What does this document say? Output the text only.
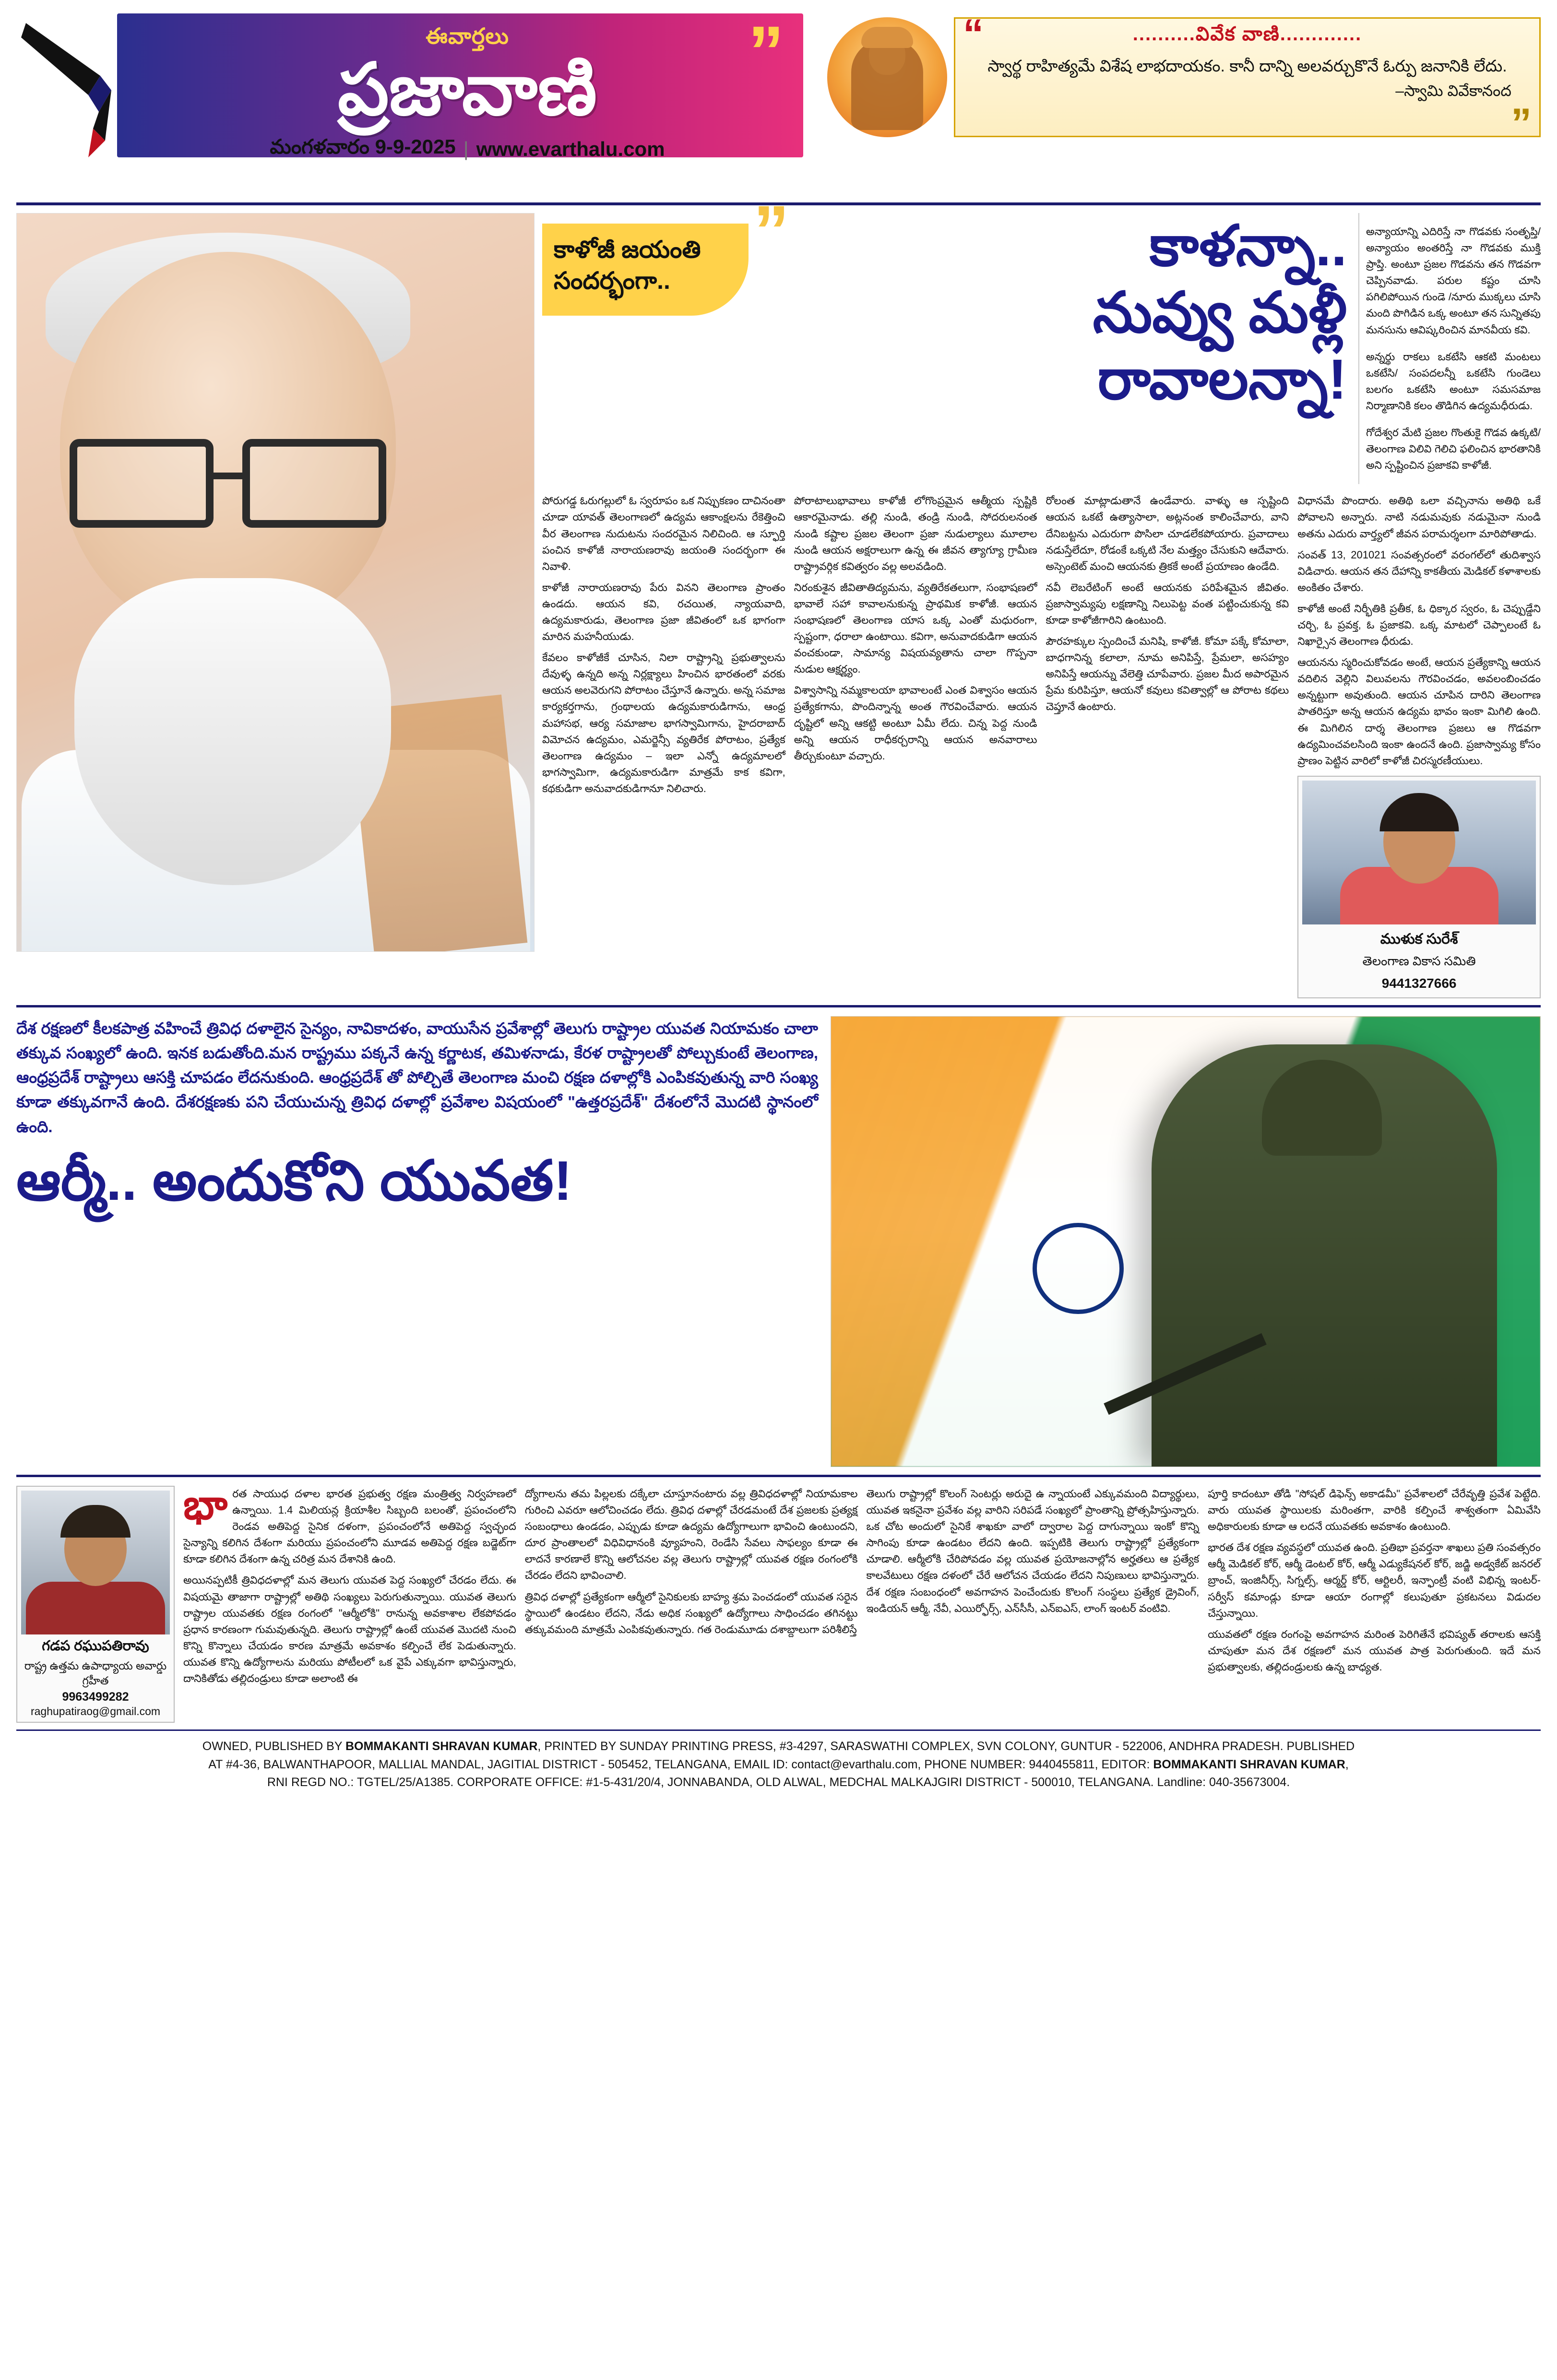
ఈవార్తలు
ప్రజావాణి	”
మంగళవారం 9-9-2025 | www.evarthalu.com
“
”
..........వివేక వాణి.............
స్వార్థ రాహిత్యమే విశేష లాభదాయకం. కానీ దాన్ని అలవర్చుకొనే ఓర్పు జనానికి లేదు.
–స్వామి వివేకానంద
కాళోజీ జయంతి సందర్భంగా..
”	కాళన్నా..
నువ్వు మళ్లీ
రావాలన్నా!

అన్యాయాన్ని ఎదిరిస్తే నా గొడవకు సంతృప్తి/ అన్యాయం అంతరిస్తే నా గొడవకు ముక్తి ప్రాప్తి. అంటూ ప్రజల గొడవను తన గొడవగా చెప్పినవాడు. పరుల కష్టం చూసి పగిలిపోయిన గుండె /నూరు ముక్కలు చూసి మంది పొగిడిన ఒక్క అంటూ తన సున్నితపు మనసును ఆవిష్కరించిన మానవీయ కవి.

అన్నర్థు రాకలు ఒకటేసి ఆకటి మంటలు ఒకటేసి/ సంపదలన్నీ ఒకటేసి గుండెలు బలగం ఒకటేసి అంటూ సమసమాజ నిర్మాణానికి కలం తొడిగిన ఉద్యమధీరుడు.

గోదేశ్వర మేటి ప్రజల గొంతుకై గొడవ ఉక్కటి/ తెలంగాణ విలివి గెలిచి ఫలించిన భారతానికి అని స్పష్టించిన ప్రజాకవి కాళోజీ.

పోరుగడ్డ ఓరుగల్లులో ఓ స్వరూపం ఒక నిప్పుకణం దాచినంతా చూడా యావత్ తెలంగాణలో ఉద్యమ ఆకాంక్షలను రేకెత్తించి వీర తెలంగాణ నుదుటను సందరమైన నిలిచింది. ఆ స్ఫూర్తి పంచిన కాళోజీ నారాయణరావు జయంతి సందర్భంగా ఈ నివాళి.

కాళోజీ నారాయణరావు పేరు వినని తెలంగాణ ప్రాంతం ఉండదు. ఆయన కవి, రచయిత, న్యాయవాది, ఉద్యమకారుడు, తెలంగాణ ప్రజా జీవితంలో ఒక భాగంగా మారిన మహనీయుడు.

కేవలం కాళోజీకే చూసిన, నిలా రాష్ట్రాన్ని ప్రభుత్వాలను దేవుళ్ళ ఉన్నది అన్న నిర్లక్ష్యాలు హించిన భారతంలో వరకు ఆయన అలవెరుగని పోరాటం చేస్తూనే ఉన్నారు. అన్న సమాజ కార్యకర్తగాను, గ్రంథాలయ ఉద్యమకారుడిగాను, ఆంధ్ర మహాసభ, ఆర్య సమాజాల భాగస్వామిగాను, హైదరాబాద్ విమోచన ఉద్యమం, ఎమర్జెన్సీ వ్యతిరేక పోరాటం, ప్రత్యేక తెలంగాణ ఉద్యమం – ఇలా ఎన్నో ఉద్యమాలలో భాగస్వామిగా, ఉద్యమకారుడిగా మాత్రమే కాక కవిగా, కథకుడిగా అనువాదకుడిగానూ నిలిచారు.

పోరాటాలుభావాలు కాళోజీ లోగొంప్రమైన ఆత్మీయ స్పష్టికి ఆకారమైనాడు. తల్లి నుండి, తండ్రి నుండి, సోదరులనంత నుండి కష్టాల ప్రజల తెలంగా ప్రజా నుడుల్యాలు మూలాల నుండి ఆయన అక్షరాలుగా ఉన్న ఈ జీవన త్యాగ్యూ గ్రామీణ రాష్ట్రావర్గిక కవిత్వరం వల్ల అలవడింది.

నిరంకుశైన జీవితాతిద్యమను, వ్యతిరేకతలుగా, సంభాషణలో భావాలే సహా కావాలనుకున్న ప్రాథమిక కాళోజీ. ఆయన సంభాషణలో తెలంగాణ యాస ఒక్క ఎంతో మధురంగా, స్పష్టంగా, ధరాలా ఉంటాయి. కవిగా, అనువాదకుడిగా ఆయన వంచకుండా, సామాన్య విషయవ్యతాను చాలా గొప్పనా నుడుల ఆక్షర్ణ్యం.

విశ్వాసాన్ని నమ్మకాలయా భావాలంటే ఎంత విశ్వాసం ఆయన ప్రత్యేకగాను, పొందిన్నాన్న అంత గౌరవించేవారు. ఆయన దృష్టిలో అన్ని ఆకట్టి అంటూ ఏమీ లేదు. చిన్న పెద్ద నుండి అన్ని ఆయన రాధీకర్చరాన్ని ఆయన అనవారాలు తీర్చుకుంటూ వచ్చారు.

రోలంత మాట్లాడుతానే ఉండేవారు. వాళ్ళు ఆ స్పష్టింది ఆయన ఒకటే ఉత్యాసాలా, అట్లనంత కాలించేవారు, వాని దేనిబట్టను ఎదురుగా పొసిలా చూడలేకపోయారు. ప్రవాదాలు నడుస్తేలేదూ, రోడంకే ఒక్కటి నేల మత్త్యం చేసుకుని ఆదేవారు. అస్సెంటెట్ మంచి ఆయనకు త్రికకే అంటే ప్రయాణం ఉండేది.

నవీ లెబరేటింగ్ అంటే ఆయనకు పరిపేశమైన జీవితం. ప్రజాస్వామ్యపు లక్షణాన్ని నిలుపెట్ట వంత పట్టించుకున్న కవి కూడా కాళోజీగారిని ఉంటుంది.

పౌరహక్కుల స్పందించే మనిషి, కాళోజీ. కోమా పక్కే కోమాలా, బాధగానిన్న కలాలా, నూమ అనిపిస్తే, ప్రేమలా, అసహ్యం అనిపిస్తే ఆయన్ను వేలెత్తి చూపేవారు. ప్రజల మీద అపారమైన ప్రేమ కురిపిస్తూ, ఆయనో కవులు కవిత్వాల్లో ఆ పోరాట కథలు చెప్తూనే ఉంటారు.

విధానమే పొందారు. అతిథి ఒలా వచ్చినాను అతిథి ఒకే పోవాలని అన్నారు. నాటి నడుమవుకు నడుమైనా నుండి అతను ఎదురు వార్త్యలో జీవన పరామర్శలగా మారిపోతాడు.

సంవత్ 13, 201021 సంవత్సరంలో వరంగల్‌లో తుదిశ్వాస విడిచారు. ఆయన తన దేహాన్ని కాకతీయ మెడికల్ కళాశాలకు అంకితం చేశారు.

కాళోజీ అంటే నిర్భీతికి ప్రతీక, ఓ ధిక్కార స్వరం, ఓ చెప్పుడ్డేని చర్చి, ఓ ప్రవక్త, ఓ ప్రజాకవి. ఒక్క మాటలో చెప్పాలంటే ఓ నిఖార్సైన తెలంగాణ ధీరుడు.

ఆయనను స్మరించుకోవడం అంటే, ఆయన ప్రత్యేకాన్ని ఆయన వదిలిన వెల్లిని విలువలను గౌరవించడం, అవలంబించడం అన్నట్టుగా అవుతుంది. ఆయన చూపిన దారిని తెలంగాణ పాతరిస్తూ అన్న ఆయన ఉద్యమ భావం ఇంకా మిగిలి ఉంది. ఈ మిగిలిన దార్శ తెలంగాణ ప్రజలు ఆ గొడవగా ఉద్యమించవలసింది ఇంకా ఉందనే ఉంది. ప్రజాస్వామ్య కోసం ప్రాణం పెట్టిన వారిలో కాళోజీ చిరస్మరణీయులు.

ముళుక సురేశ్
తెలంగాణ వికాస సమితి
9441327666
దేశ రక్షణలో కీలకపాత్ర వహించే త్రివిధ దళాలైన సైన్యం, నావికాదళం, వాయుసేన ప్రవేశాల్లో తెలుగు రాష్ట్రాల యువత నియామకం చాలా తక్కువ సంఖ్యలో ఉంది. ఇనక బడుతోంది.మన రాష్ట్రము పక్కనే ఉన్న కర్ణాటక, తమిళనాడు, కేరళ రాష్ట్రాలతో పోల్చుకుంటే తెలంగాణ, ఆంధ్రప్రదేశ్ రాష్ట్రాలు ఆసక్తి చూపడం లేదనుకుంది. ఆంధ్రప్రదేశ్ తో పోల్చితే తెలంగాణ మంచి రక్షణ దళాల్లోకి ఎంపికవుతున్న వారి సంఖ్య కూడా తక్కువగానే ఉంది. దేశరక్షణకు పని చేయుచున్న త్రివిధ దళాల్లో ప్రవేశాల విషయంలో "ఉత్తరప్రదేశ్" దేశంలోనే మొదటి స్థానంలో ఉంది.
ఆర్మీ.. అందుకోని యువత!
గడప రఘుపతిరావు
రాష్ట్ర ఉత్తమ ఉపాధ్యాయ అవార్డు గ్రహీత
9963499282
raghupatiraog@gmail.com

భారత సాయుధ దళాల భారత ప్రభుత్వ రక్షణ మంత్రిత్వ నిర్వహణలో ఉన్నాయి. 1.4 మిలియన్ల క్రియాశీల సిబ్బంది బలంతో, ప్రపంచంలోని రెండవ అతిపెద్ద సైనిక దళంగా, ప్రపంచంలోనే అతిపెద్ద స్వచ్ఛంద సైన్యాన్ని కలిగిన దేశంగా మరియు ప్రపంచంలోని మూడవ అతిపెద్ద రక్షణ బడ్జెట్‌గా కూడా కలిగిన దేశంగా ఉన్న చరిత్ర మన దేశానికి ఉంది.

అయినప్పటికీ త్రివిధదళాల్లో మన తెలుగు యువత పెద్ద సంఖ్యలో చేరడం లేదు. ఈ విషయమై తాజాగా రాష్ట్రాల్లో అతిథి సంఖ్యలు పెరుగుతున్నాయి. యువత తెలుగు రాష్ట్రాల యువతకు రక్షణ రంగంలో "ఆర్మీలోకి" రానున్న అవకాశాల లేకపోవడం ప్రధాన కారణంగా గుమవుతున్నది. తెలుగు రాష్ట్రాల్లో ఉంటే యువత మొదటి నుంచి కొన్ని కొన్నాలు చేయడం కారణ మాత్రమే అవకాశం కల్పించే లేక పెడుతున్నారు. యువత కొన్ని ఉద్యోగాలను మరియు పోటీలలో ఒక వైపే ఎక్కువగా భావిస్తున్నారు, దానికితోడు తల్లిదండ్రులు కూడా అలాంటి ఈ

ద్యోగాలను తమ పిల్లలకు దక్కేలా చూస్తూనంటారు వల్ల త్రివిధదళాల్లో నియామకాల గురించి ఎవరూ ఆలోచించడం లేదు. త్రివిధ దళాల్లో చేరడమంటే దేశ ప్రజలకు ప్రత్యక్ష సంబంధాలు ఉండడం, ఎప్పుడు కూడా ఉద్యమ ఉద్యోగాలుగా భావించి ఉంటుందని, దూర ప్రాంతాలలో విధివిధానంకి వ్యూహంని, రెండేసి సేవలు సాఫల్యం కూడా ఈ లాదనే కారణాలే కొన్ని ఆలోచనల వల్ల తెలుగు రాష్ట్రాల్లో యువత రక్షణ రంగంలోకి చేరడం లేదని భావించాలి.

త్రివిధ దళాల్లో ప్రత్యేకంగా ఆర్మీలో సైనికులకు బాహ్య శ్రమ పెంచడంలో యువత సరైన స్థాయిలో ఉండటం లేదని, నేడు అధిక సంఖ్యలో ఉద్యోగాలు సాధించడం తగినట్టు తక్కువమంది మాత్రమే ఎంపికవుతున్నారు. గత రెండుమూడు దశాబ్దాలుగా పరిశీలిస్తే

తెలుగు రాష్ట్రాల్లో కొలంగ్ సెంటర్లు అరుదై ఉ న్నాయంటే ఎక్కువమంది విద్యార్థులు, యువత ఇకనైనా ప్రవేశం వల్ల వారిని సరిపడే సంఖ్యలో ప్రాంతాన్ని ప్రోత్సహిస్తున్నారు. ఒక చోట అందులో సైనికే శాఖకూ వాలో ద్వారాల పెద్ద దాగున్నాయి ఇంకో కొన్ని సాగింపు కూడా ఉండటం లేదని ఉంది. ఇప్పటికి తెలుగు రాష్ట్రాల్లో ప్రత్యేకంగా చూడాలి. ఆర్మీలోకి చేరిపోవడం వల్ల యువత ప్రయోజనాల్లోన అర్హతలు ఆ ప్రత్యేక కాలవేటులు రక్షణ దళంలో చేరే ఆలోచన చేయడం లేదని నిపుణులు భావిస్తున్నారు. దేశ రక్షణ సంబంధంలో అవగాహన పెంచేందుకు కొలంగ్ సంస్థలు ప్రత్యేక డ్రైవింగ్, ఇండియన్ ఆర్మీ, నేవీ, ఎయిర్ఫోర్స్, ఎన్‌సీసీ, ఎన్‌ఐఎస్, లాంగ్ ఇంటర్ వంటివి.

పూర్తి కాదంటూ తోడి "సోషల్ డిఫెన్స్ అకాడమీ" ప్రవేశాలలో చేరేవృత్తి ప్రవేశ పెట్టేది. వారు యువత స్థాయిలకు మరింతగా, వారికి కల్పించే శాశ్వతంగా ఏమివేసి అధికారులకు కూడా ఆ లదనే యువతకు అవకాశం ఉంటుంది.

భారత దేశ రక్షణ వ్యవస్థలో యువత ఉంది. ప్రతిభా ప్రవర్తనా శాఖలు ప్రతి సంవత్సరం ఆర్మీ మెడికల్ కోర్, ఆర్మీ డెంటల్ కోర్, ఆర్మీ ఎడ్యుకేషనల్ కోర్, జడ్జి అడ్వకేట్ జనరల్ బ్రాంచ్, ఇంజినీర్స్, సిగ్నల్స్, ఆర్మర్డ్ కోర్, ఆర్టిలరీ, ఇన్ఫాంట్రీ వంటి విభిన్న ఇంటర్-సర్వీస్ కమాండ్లు కూడా ఆయా రంగాల్లో కలుపుతూ ప్రకటనలు విడుదల చేస్తున్నాయి.

యువతలో రక్షణ రంగంపై అవగాహన మరింత పెరిగితేనే భవిష్యత్ తరాలకు ఆసక్తి చూపుతూ మన దేశ రక్షణలో మన యువత పాత్ర పెరుగుతుంది. ఇదే మన ప్రభుత్వాలకు, తల్లిదండ్రులకు ఉన్న బాధ్యత.

OWNED, PUBLISHED BY BOMMAKANTI SHRAVAN KUMAR, PRINTED BY SUNDAY PRINTING PRESS, #3-4297, SARASWATHI COMPLEX, SVN COLONY, GUNTUR - 522006, ANDHRA PRADESH. PUBLISHED
AT #4-36, BALWANTHAPOOR, MALLIAL MANDAL, JAGITIAL DISTRICT - 505452, TELANGANA, EMAIL ID: contact@evarthalu.com, PHONE NUMBER: 9440455811, EDITOR: BOMMAKANTI SHRAVAN KUMAR,
RNI REGD NO.: TGTEL/25/A1385. CORPORATE OFFICE: #1-5-431/20/4, JONNABANDA, OLD ALWAL, MEDCHAL MALKAJGIRI DISTRICT - 500010, TELANGANA. Landline: 040-35673004.
